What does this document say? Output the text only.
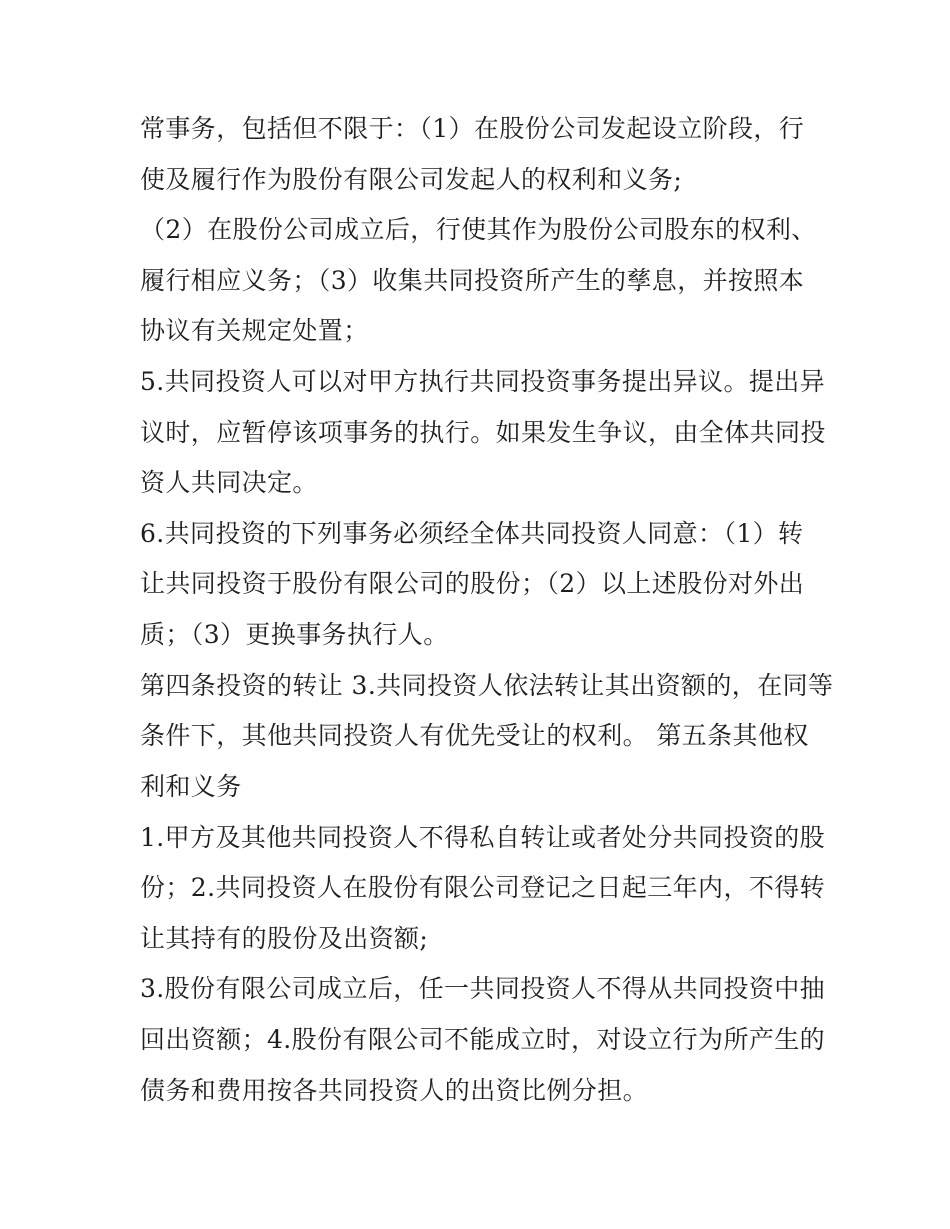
常事务，包括但不限于：（1）在股份公司发起设立阶段，行

使及履行作为股份有限公司发起人的权利和义务;

（2）在股份公司成立后，行使其作为股份公司股东的权利、

履行相应义务；（3）收集共同投资所产生的孳息，并按照本

协议有关规定处置；

5.共同投资人可以对甲方执行共同投资事务提出异议。提出异

议时，应暂停该项事务的执行。如果发生争议，由全体共同投

资人共同决定。

6.共同投资的下列事务必须经全体共同投资人同意：（1）转

让共同投资于股份有限公司的股份；（2）以上述股份对外出

质；（3）更换事务执行人。

第四条投资的转让 3.共同投资人依法转让其出资额的，在同等

条件下，其他共同投资人有优先受让的权利。 第五条其他权

利和义务

1.甲方及其他共同投资人不得私自转让或者处分共同投资的股

份；2.共同投资人在股份有限公司登记之日起三年内，不得转

让其持有的股份及出资额;

3.股份有限公司成立后，任一共同投资人不得从共同投资中抽

回出资额；4.股份有限公司不能成立时，对设立行为所产生的

债务和费用按各共同投资人的出资比例分担。
